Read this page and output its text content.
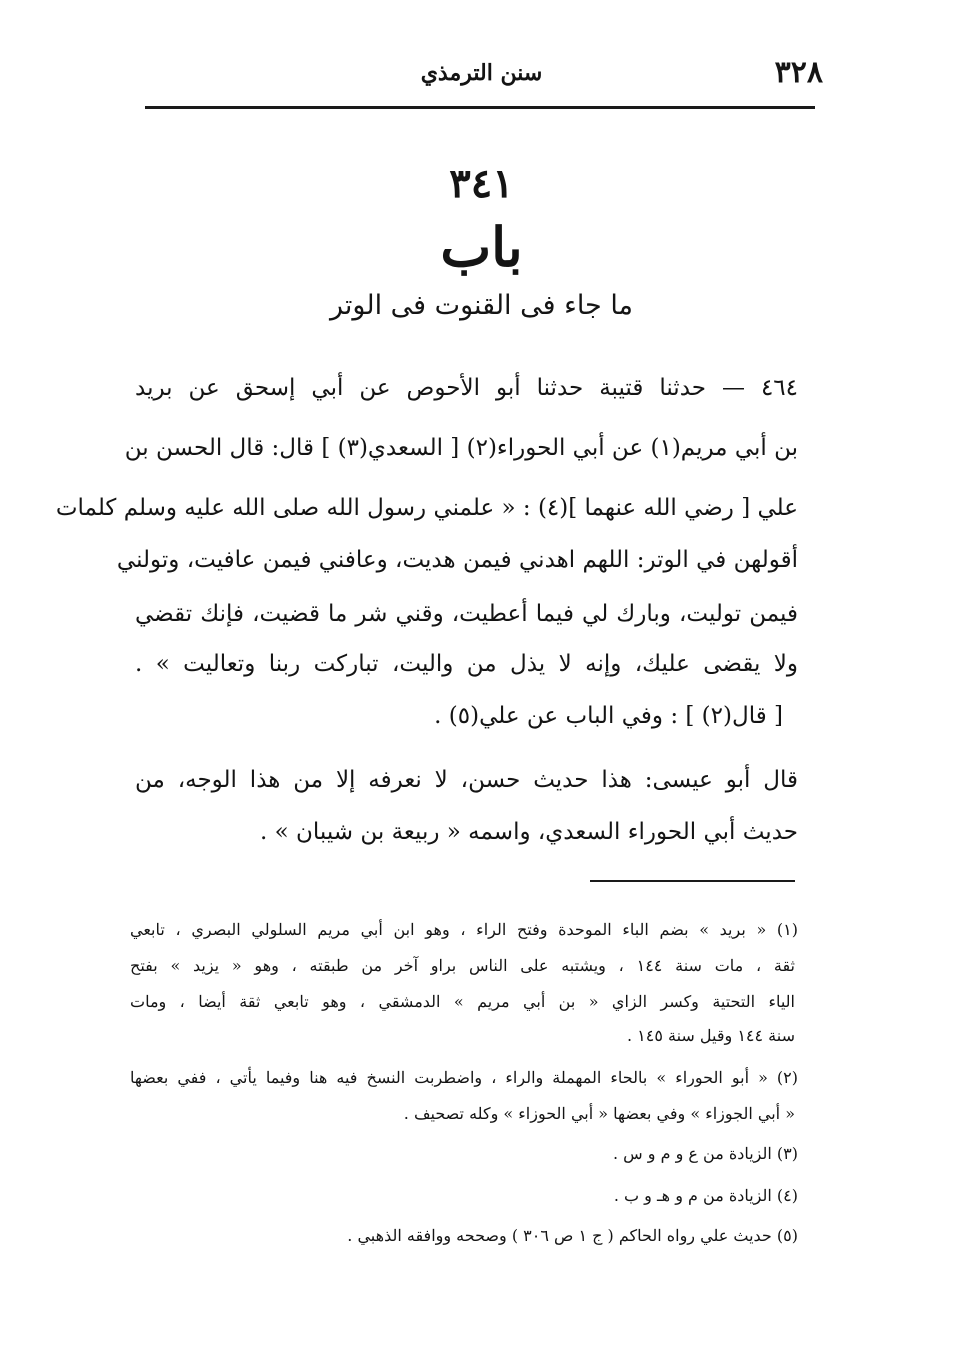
٣٢٨
سنن الترمذي
٣٤١
باب
ما جاء فى القنوت فى الوتر
٤٦٤ — حدثنا قتيبة حدثنا أبو الأحوص عن أبي إسحق عن بريد
بن أبي مريم(١) عن أبي الحوراء(٢) [ السعدي(٣) ] قال: قال الحسن بن
علي [ رضي الله عنهما ](٤) : « علمني رسول الله صلى الله عليه وسلم كلمات
أقولهن في الوتر: اللهم اهدني فيمن هديت، وعافني فيمن عافيت، وتولني
فيمن توليت، وبارك لي فيما أعطيت، وقني شر ما قضيت، فإنك تقضي
ولا يقضى عليك، وإنه لا يذل من واليت، تباركت ربنا وتعاليت » .
[ قال(٢) ] : وفي الباب عن علي(٥) .
قال أبو عيسى: هذا حديث حسن، لا نعرفه إلا من هذا الوجه، من
حديث أبي الحوراء السعدي، واسمه « ربيعة بن شيبان » .
(١) « بريد » بضم الباء الموحدة وفتح الراء ، وهو ابن أبي مريم السلولي البصري ، تابعي
ثقة ، مات سنة ١٤٤ ، ويشتبه على الناس براو آخر من طبقته ، وهو « يزيد » بفتح
الياء التحتية وكسر الزاي « بن أبي مريم » الدمشقي ، وهو تابعي ثقة أيضا ، ومات
سنة ١٤٤ وقيل سنة ١٤٥ .
(٢) « أبو الحوراء » بالحاء المهملة والراء ، واضطربت النسخ فيه هنا وفيما يأتي ، ففي بعضها
« أبي الجوزاء » وفي بعضها « أبي الحوزاء » وكله تصحيف .
(٣) الزيادة من ع و م و س .
(٤) الزيادة من م و هـ و ب .
(٥) حديث علي رواه الحاكم ( ج ١ ص ٣٠٦ ) وصححه ووافقه الذهبي .
